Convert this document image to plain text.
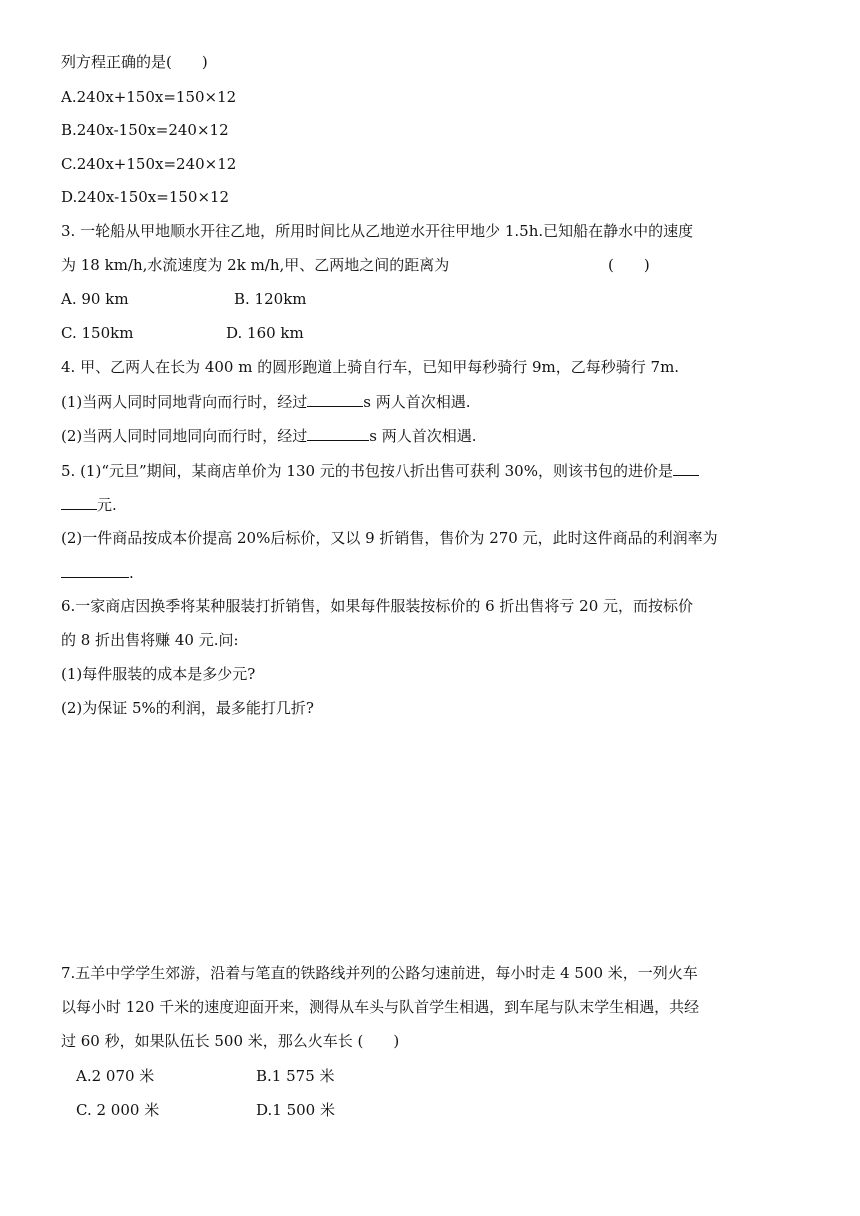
列方程正确的是(　　)
A.240x+150x=150×12
B.240x-150x=240×12
C.240x+150x=240×12
D.240x-150x=150×12
3. 一轮船从甲地顺水开往乙地，所用时间比从乙地逆水开往甲地少 1.5h.已知船在静水中的速度
为 18 km/h,水流速度为 2k m/h,甲、乙两地之间的距离为	(　　)
A. 90 km	B. 120km
C. 150km	D. 160 km
4. 甲、乙两人在长为 400 m 的圆形跑道上骑自行车，已知甲每秒骑行 9m，乙每秒骑行 7m.
(1)当两人同时同地背向而行时，经过	s 两人首次相遇.
(2)当两人同时同地同向而行时，经过	s 两人首次相遇.
5. (1)“元旦”期间，某商店单价为 130 元的书包按八折出售可获利 30%，则该书包的进价是
元.
(2)一件商品按成本价提高 20%后标价，又以 9 折销售，售价为 270 元，此时这件商品的利润率为
.
6.一家商店因换季将某种服装打折销售，如果每件服装按标价的 6 折出售将亏 20 元，而按标价
的 8 折出售将赚 40 元.问:
(1)每件服装的成本是多少元?
(2)为保证 5%的利润，最多能打几折?
7.五羊中学学生郊游，沿着与笔直的铁路线并列的公路匀速前进，每小时走 4 500 米，一列火车
以每小时 120 千米的速度迎面开来，测得从车头与队首学生相遇，到车尾与队末学生相遇，共经
过 60 秒，如果队伍长 500 米，那么火车长 (　　)
A.2 070 米	B.1 575 米
C. 2 000 米	D.1 500 米
